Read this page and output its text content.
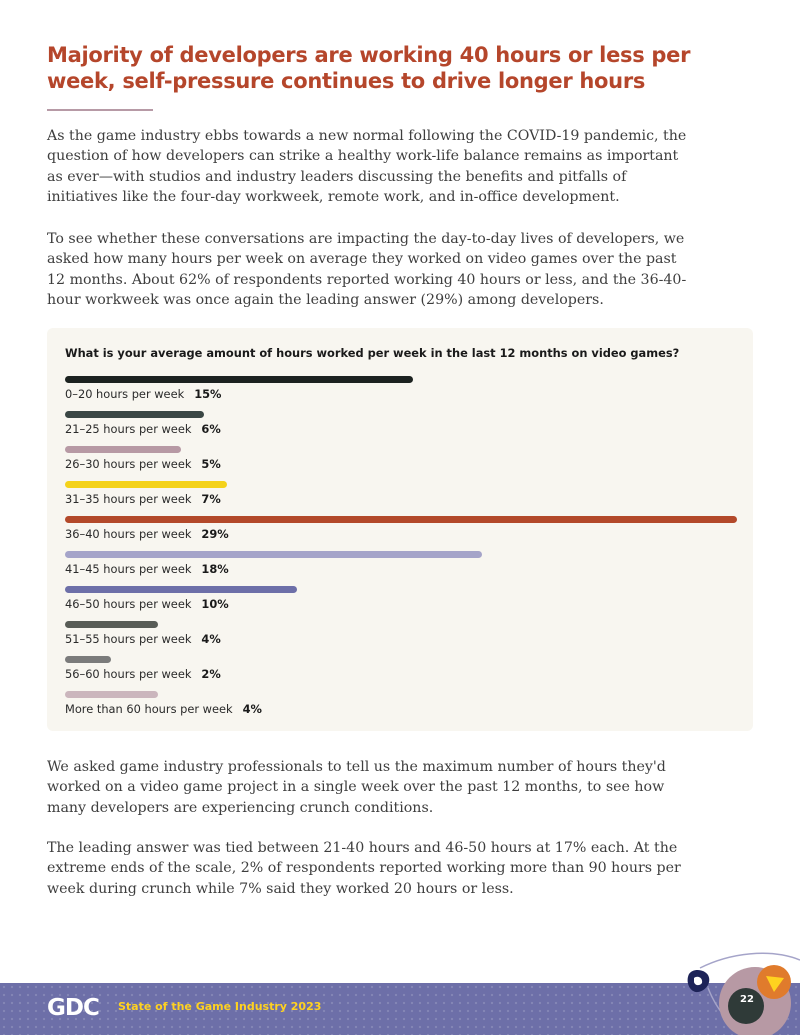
Majority of developers are working 40 hours or less per week, self-pressure continues to drive longer hours

As the game industry ebbs towards a new normal following the COVID-19 pandemic, the question of how developers can strike a healthy work-life balance remains as important as ever—with studios and industry leaders discussing the benefits and pitfalls of initiatives like the four-day workweek, remote work, and in-office development.

To see whether these conversations are impacting the day-to-day lives of developers, we asked how many hours per week on average they worked on video games over the past 12 months. About 62% of respondents reported working 40 hours or less, and the 36-40-hour workweek was once again the leading answer (29%) among developers.

What is your average amount of hours worked per week in the last 12 months on video games?

0–20 hours per week 15%
21–25 hours per week 6%
26–30 hours per week 5%
31–35 hours per week 7%
36–40 hours per week 29%
41–45 hours per week 18%
46–50 hours per week 10%
51–55 hours per week 4%
56–60 hours per week 2%
More than 60 hours per week 4%

We asked game industry professionals to tell us the maximum number of hours they'd worked on a video game project in a single week over the past 12 months, to see how many developers are experiencing crunch conditions.

The leading answer was tied between 21-40 hours and 46-50 hours at 17% each. At the extreme ends of the scale, 2% of respondents reported working more than 90 hours per week during crunch while 7% said they worked 20 hours or less.

GDC State of the Game Industry 2023
22
